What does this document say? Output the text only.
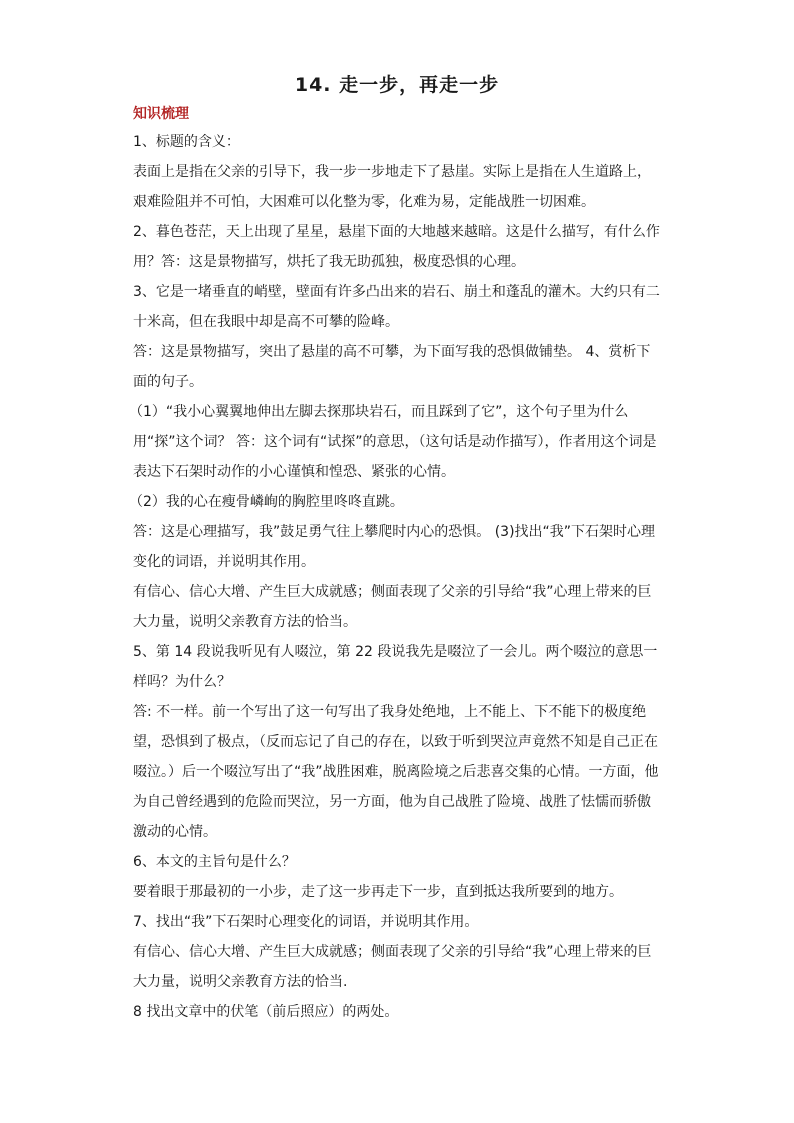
14. 走一步，再走一步
知识梳理

1、标题的含义：

表面上是指在父亲的引导下，我一步一步地走下了悬崖。实际上是指在人生道路上，艰难险阻并不可怕，大困难可以化整为零，化难为易，定能战胜一切困难。

2、暮色苍茫，天上出现了星星，悬崖下面的大地越来越暗。这是什么描写，有什么作用？答：这是景物描写，烘托了我无助孤独，极度恐惧的心理。

3、它是一堵垂直的峭壁，壁面有许多凸出来的岩石、崩土和蓬乱的灌木。大约只有二十米高，但在我眼中却是高不可攀的险峰。

答：这是景物描写，突出了悬崖的高不可攀，为下面写我的恐惧做铺垫。 4、赏析下面的句子。

（1）“我小心翼翼地伸出左脚去探那块岩石，而且踩到了它”，这个句子里为什么用“探”这个词？ 答：这个词有“试探”的意思，（这句话是动作描写），作者用这个词是表达下石架时动作的小心谨慎和惶恐、紧张的心情。

（2）我的心在瘦骨嶙峋的胸腔里咚咚直跳。

答：这是心理描写，我”鼓足勇气往上攀爬时内心的恐惧。 (3)找出“我”下石架时心理变化的词语，并说明其作用。

有信心、信心大增、产生巨大成就感；侧面表现了父亲的引导给“我”心理上带来的巨大力量，说明父亲教育方法的恰当。

5、第 14 段说我听见有人啜泣，第 22 段说我先是啜泣了一会儿。两个啜泣的意思一样吗？为什么？

答: 不一样。前一个写出了这一句写出了我身处绝地，上不能上、下不能下的极度绝望，恐惧到了极点，（反而忘记了自己的存在，以致于听到哭泣声竟然不知是自己正在啜泣。）后一个啜泣写出了“我”战胜困难，脱离险境之后悲喜交集的心情。一方面，他为自己曾经遇到的危险而哭泣，另一方面，他为自己战胜了险境、战胜了怯懦而骄傲激动的心情。

6、本文的主旨句是什么？

要着眼于那最初的一小步，走了这一步再走下一步，直到抵达我所要到的地方。

7、找出“我”下石架时心理变化的词语，并说明其作用。

有信心、信心大增、产生巨大成就感；侧面表现了父亲的引导给“我”心理上带来的巨大力量，说明父亲教育方法的恰当.

8 找出文章中的伏笔（前后照应）的两处。
